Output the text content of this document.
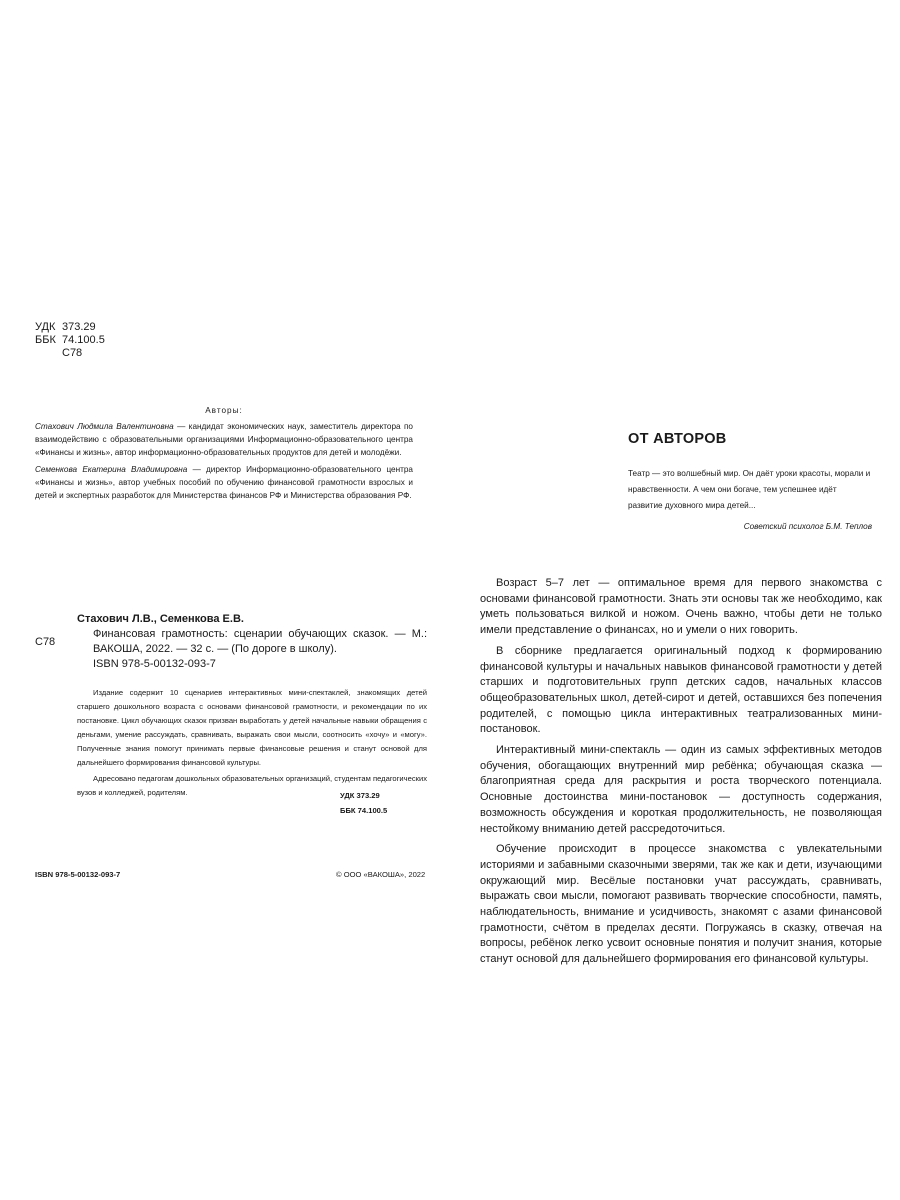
УДК 373.29
ББК 74.100.5
С78
Авторы:

Стахович Людмила Валентиновна — кандидат экономических наук, заместитель директора по взаимодействию с образовательными организациями Информационно-образовательного центра «Финансы и жизнь», автор информационно-образовательных продуктов для детей и молодёжи.

Семенкова Екатерина Владимировна — директор Информационно-образовательного центра «Финансы и жизнь», автор учебных пособий по обучению финансовой грамотности взрослых и детей и экспертных разработок для Министерства финансов РФ и Министерства образования РФ.

С78
Стахович Л.В., Семенкова Е.В.
Финансовая грамотность: сценарии обучающих сказок. — М.: ВАКОША, 2022. — 32 с. — (По дороге в школу).
ISBN 978-5-00132-093-7

Издание содержит 10 сценариев интерактивных мини-спектаклей, знакомящих детей старшего дошкольного возраста с основами финансовой грамотности, и рекомендации по их постановке. Цикл обучающих сказок призван выработать у детей начальные навыки обращения с деньгами, умение рассуждать, сравнивать, выражать свои мысли, соотносить «хочу» и «могу». Полученные знания помогут принимать первые финансовые решения и станут основой для дальнейшего формирования финансовой культуры.

Адресовано педагогам дошкольных образовательных организаций, студентам педагогических вузов и колледжей, родителям.	УДК 373.29
ББК 74.100.5
ISBN 978-5-00132-093-7	© ООО «ВАКОША», 2022
ОТ АВТОРОВ
Театр — это волшебный мир. Он даёт уроки красоты, морали и нравственности. А чем они богаче, тем успешнее идёт развитие духовного мира детей...
Советский психолог Б.М. Теплов

Возраст 5–7 лет — оптимальное время для первого знакомства с основами финансовой грамотности. Знать эти основы так же необходимо, как уметь пользоваться вилкой и ножом. Очень важно, чтобы дети не только имели представление о финансах, но и умели о них говорить.

В сборнике предлагается оригинальный подход к формированию финансовой культуры и начальных навыков финансовой грамотности у детей старших и подготовительных групп детских садов, начальных классов общеобразовательных школ, детей-сирот и детей, оставшихся без попечения родителей, с помощью цикла интерактивных театрализованных мини-постановок.

Интерактивный мини-спектакль — один из самых эффективных методов обучения, обогащающих внутренний мир ребёнка; обучающая сказка — благоприятная среда для раскрытия и роста творческого потенциала. Основные достоинства мини-постановок — доступность содержания, возможность обсуждения и короткая продолжительность, не позволяющая нестойкому вниманию детей рассредоточиться.

Обучение происходит в процессе знакомства с увлекательными историями и забавными сказочными зверями, так же как и дети, изучающими окружающий мир. Весёлые постановки учат рассуждать, сравнивать, выражать свои мысли, помогают развивать творческие способности, память, наблюдательность, внимание и усидчивость, знакомят с азами финансовой грамотности, счётом в пределах десяти. Погружаясь в сказку, отвечая на вопросы, ребёнок легко усвоит основные понятия и получит знания, которые станут основой для дальнейшего формирования его финансовой культуры.
